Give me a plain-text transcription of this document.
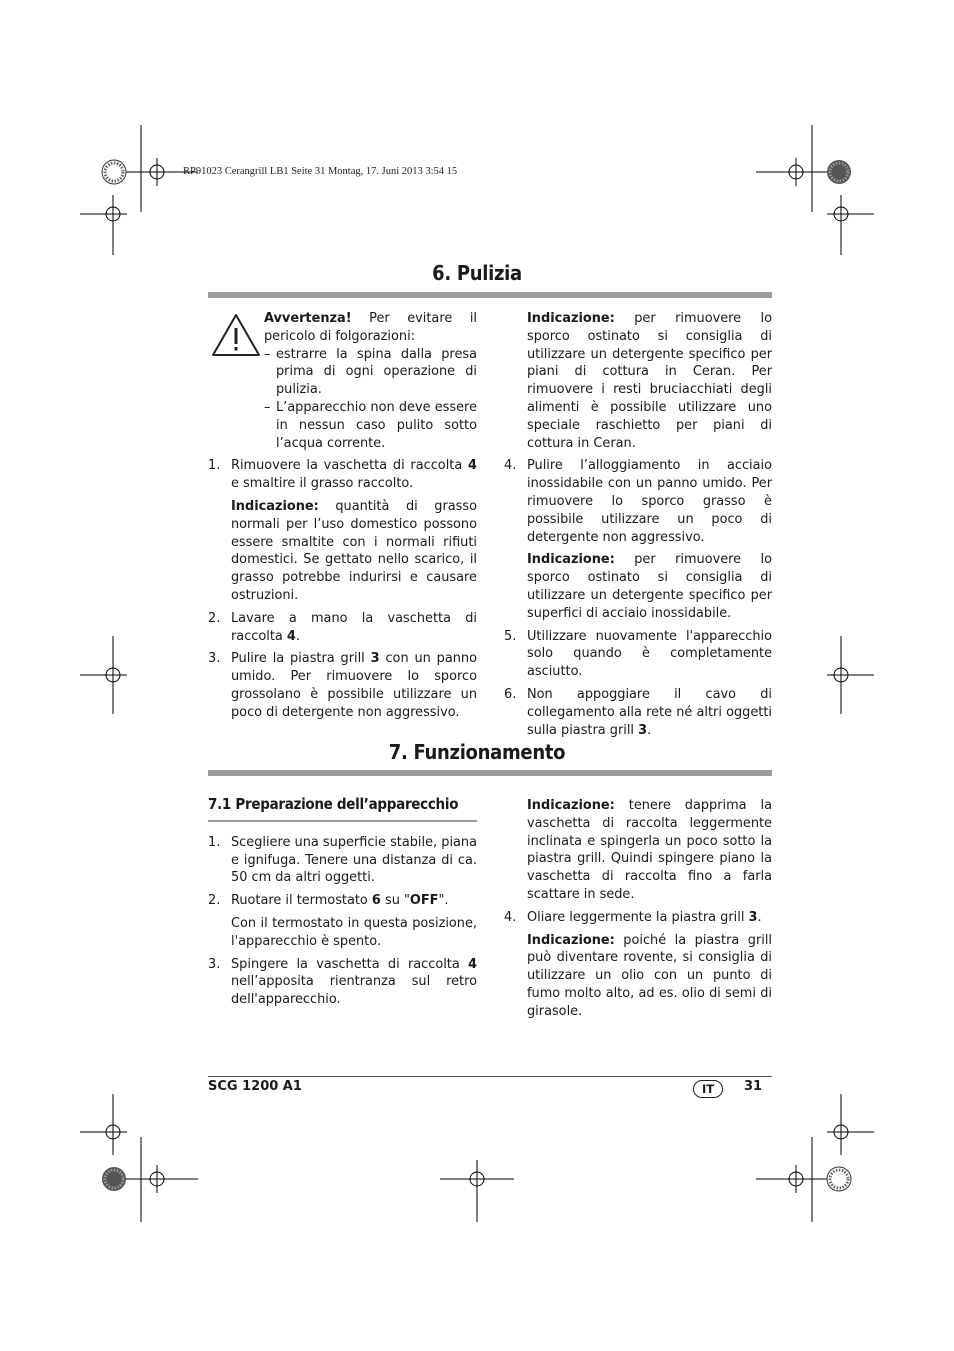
RP91023 Cerangrill LB1 Seite 31 Montag, 17. Juni 2013 3:54 15
6. Pulizia

Avvertenza! Per evitare il pericolo di folgorazioni:

– estrarre la spina dalla presa prima di ogni operazione di pulizia.

– L’apparecchio non deve essere in nessun caso pulito sotto l’acqua corrente.

1. Rimuovere la vaschetta di raccolta 4 e smaltire il grasso raccolto.

Indicazione: quantità di grasso normali per l’uso domestico possono essere smaltite con i normali rifiuti domestici. Se gettato nello scarico, il grasso potrebbe indurirsi e causare ostruzioni.

2. Lavare a mano la vaschetta di raccolta 4.

3. Pulire la piastra grill 3 con un panno umido. Per rimuovere lo sporco grossolano è possibile utilizzare un poco di detergente non aggressivo.

Indicazione: per rimuovere lo sporco ostinato si consiglia di utilizzare un detergente specifico per piani di cottura in Ceran. Per rimuovere i resti bruciacchiati degli alimenti è possibile utilizzare uno speciale raschietto per piani di cottura in Ceran.

4. Pulire l’alloggiamento in acciaio inossidabile con un panno umido. Per rimuovere lo sporco grasso è possibile utilizzare un poco di detergente non aggressivo.

Indicazione: per rimuovere lo sporco ostinato si consiglia di utilizzare un detergente specifico per superfici di acciaio inossidabile.

5. Utilizzare nuovamente l'apparecchio solo quando è completamente asciutto.

6. Non appoggiare il cavo di collegamento alla rete né altri oggetti sulla piastra grill 3.

7. Funzionamento
7.1 Preparazione dell’apparecchio

1. Scegliere una superficie stabile, piana e ignifuga. Tenere una distanza di ca. 50 cm da altri oggetti.

2. Ruotare il termostato 6 su "OFF".

Con il termostato in questa posizione, l'apparecchio è spento.

3. Spingere la vaschetta di raccolta 4 nell’apposita rientranza sul retro dell'apparecchio.

Indicazione: tenere dapprima la vaschetta di raccolta leggermente inclinata e spingerla un poco sotto la piastra grill. Quindi spingere piano la vaschetta di raccolta fino a farla scattare in sede.

4. Oliare leggermente la piastra grill 3.

Indicazione: poiché la piastra grill può diventare rovente, si consiglia di utilizzare un olio con un punto di fumo molto alto, ad es. olio di semi di girasole.

SCG 1200 A1	IT	31
